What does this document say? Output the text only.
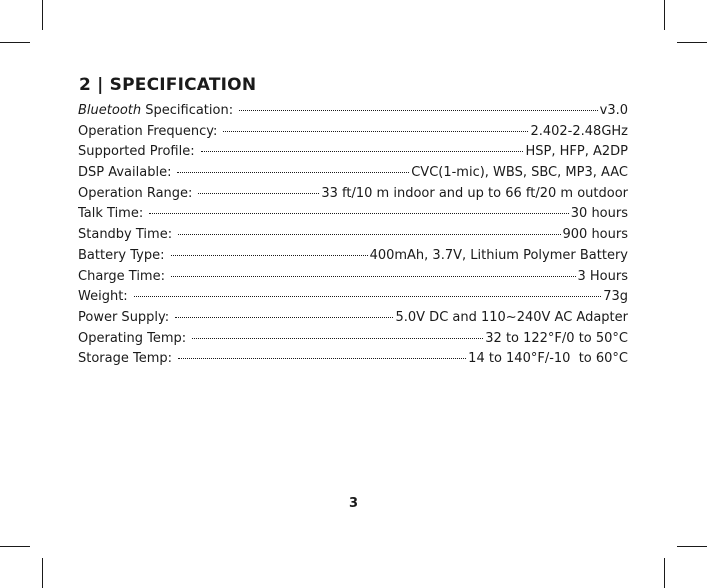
2 | SPECIFICATION
Bluetooth Specification:	v3.0
Operation Frequency:	2.402-2.48GHz
Supported Profile:	HSP, HFP, A2DP
DSP Available:	CVC(1-mic), WBS, SBC, MP3, AAC
Operation Range:	33 ft/10 m indoor and up to 66 ft/20 m outdoor
Talk Time:	30 hours
Standby Time:	900 hours
Battery Type:	400mAh, 3.7V, Lithium Polymer Battery
Charge Time:	3 Hours
Weight:	73g
Power Supply:	5.0V DC and 110~240V AC Adapter
Operating Temp:	32 to 122°F/0 to 50°C
Storage Temp:	14 to 140°F/-10  to 60°C
3
